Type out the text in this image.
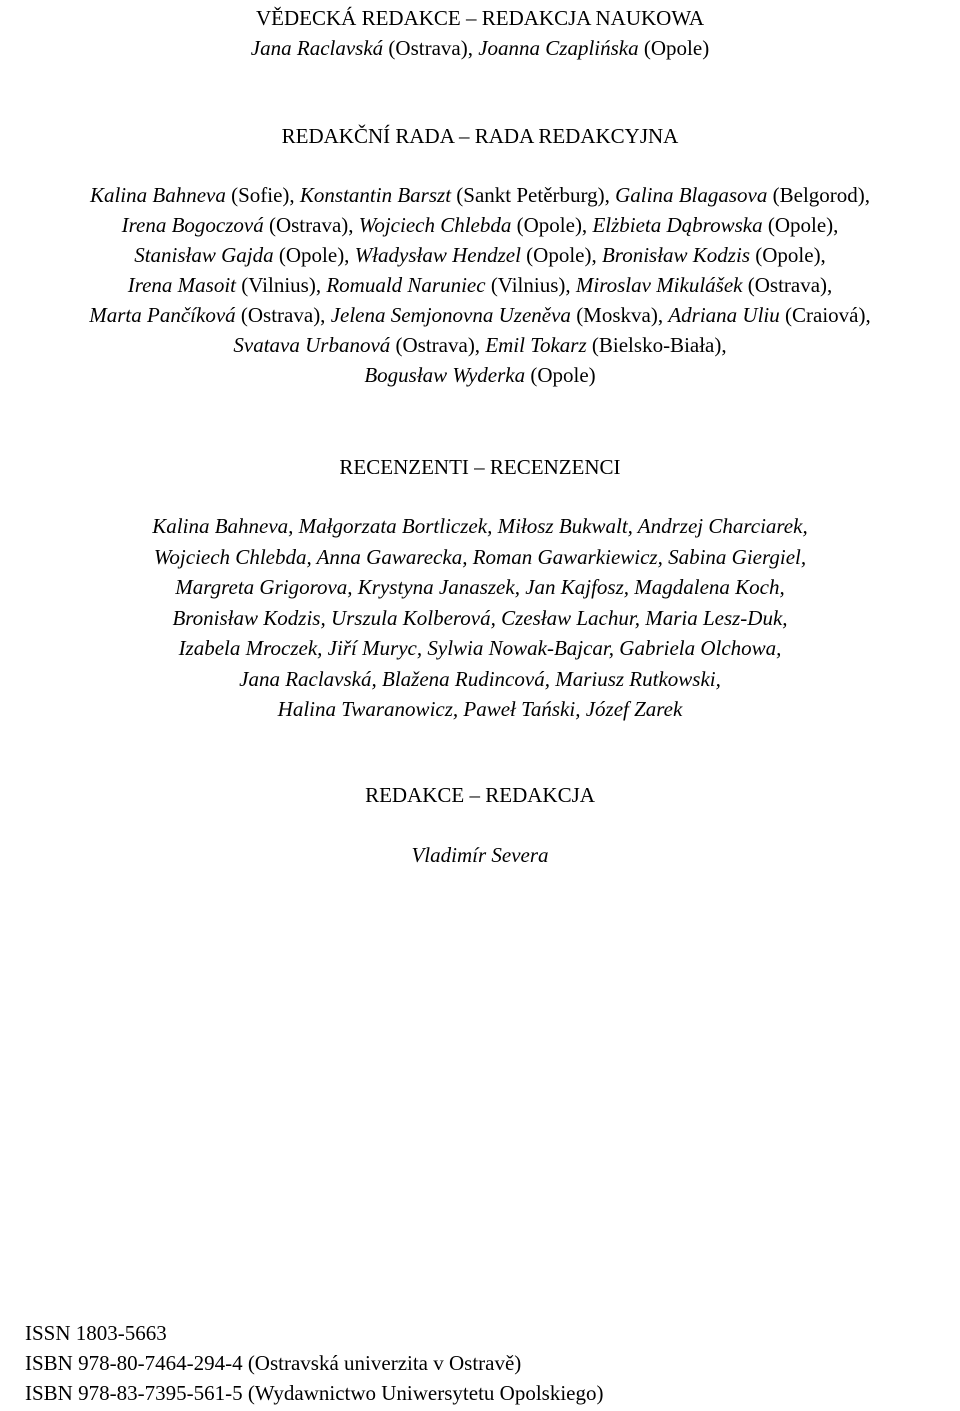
VĚDECKÁ REDAKCE – REDAKCJA NAUKOWA
Jana Raclavská (Ostrava), Joanna Czaplińska (Opole)
REDAKČNÍ RADA – RADA REDAKCYJNA
Kalina Bahneva (Sofie), Konstantin Barszt (Sankt Petěrburg), Galina Blagasova (Belgorod),
Irena Bogoczová (Ostrava), Wojciech Chlebda (Opole), Elżbieta Dąbrowska (Opole),
Stanisław Gajda (Opole), Władysław Hendzel (Opole), Bronisław Kodzis (Opole),
Irena Masoit (Vilnius), Romuald Naruniec (Vilnius), Miroslav Mikulášek (Ostrava),
Marta Pančíková (Ostrava), Jelena Semjonovna Uzeněva (Moskva), Adriana Uliu (Craiová),
Svatava Urbanová (Ostrava), Emil Tokarz (Bielsko-Biała),
Bogusław Wyderka (Opole)
RECENZENTI – RECENZENCI
Kalina Bahneva, Małgorzata Bortliczek, Miłosz Bukwalt, Andrzej Charciarek,
Wojciech Chlebda, Anna Gawarecka, Roman Gawarkiewicz, Sabina Giergiel,
Margreta Grigorova, Krystyna Janaszek, Jan Kajfosz, Magdalena Koch,
Bronisław Kodzis, Urszula Kolberová, Czesław Lachur, Maria Lesz-Duk,
Izabela Mroczek, Jiří Muryc, Sylwia Nowak-Bajcar, Gabriela Olchowa,
Jana Raclavská, Blažena Rudincová, Mariusz Rutkowski,
Halina Twaranowicz, Paweł Tański, Józef Zarek
REDAKCE – REDAKCJA
Vladimír Severa
ISSN 1803-5663
ISBN 978-80-7464-294-4 (Ostravská univerzita v Ostravě)
ISBN 978-83-7395-561-5 (Wydawnictwo Uniwersytetu Opolskiego)
